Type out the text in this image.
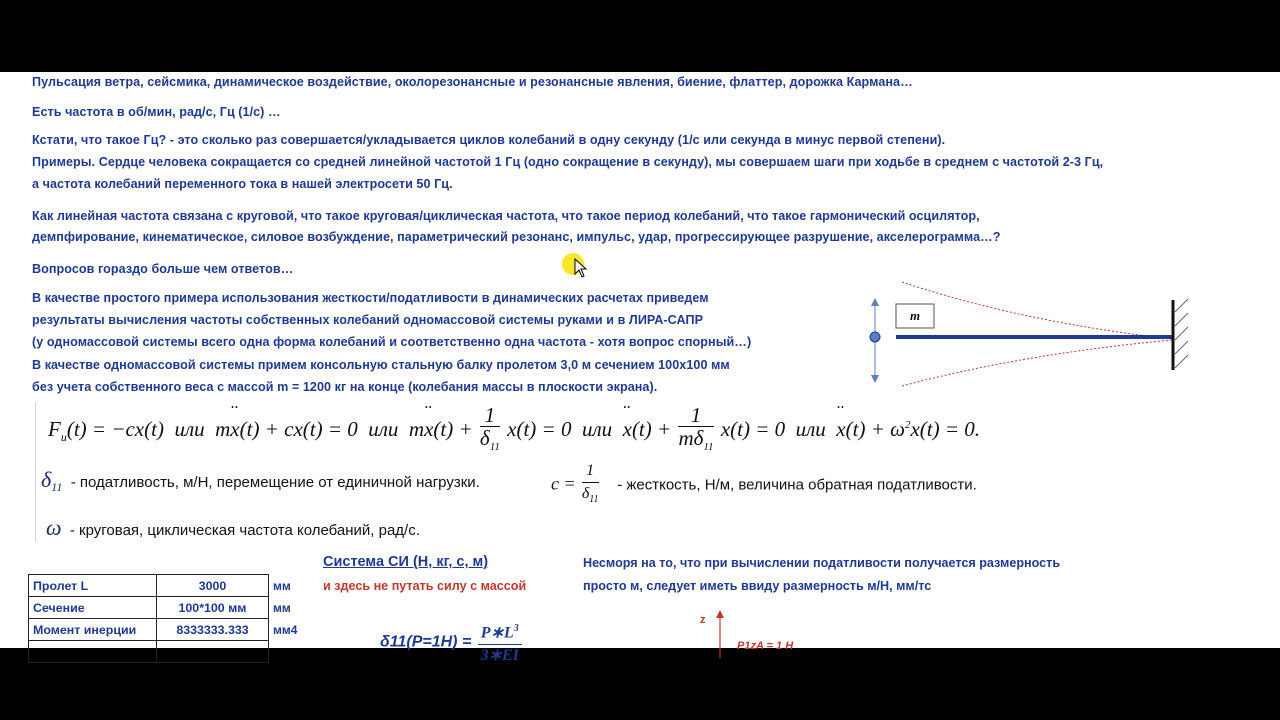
Пульсация ветра, сейсмика, динамическое воздействие, околорезонансные и резонансные явления, биение, флаттер, дорожка Кармана…
Есть частота в об/мин, рад/с, Гц (1/с) …
Кстати, что такое Гц? - это сколько раз совершается/укладывается циклов колебаний в одну секунду (1/с или секунда в минус первой степени).
Примеры. Сердце человека сокращается со средней линейной частотой 1 Гц (одно сокращение в секунду), мы совершаем шаги при ходьбе в среднем с частотой 2-3 Гц,
а частота колебаний переменного тока в нашей электросети 50 Гц.
Как линейная частота связана с круговой, что такое круговая/циклическая частота, что такое период колебаний, что такое гармонический осцилятор,
демпфирование, кинематическое, силовое возбуждение, параметрический резонанс, импульс, удар, прогрессирующее разрушение, акселерограмма…?
Вопросов гораздо больше чем ответов…
В качестве простого примера использования жесткости/податливости в динамических расчетах приведем
результаты вычисления частоты собственных колебаний одномассовой системы руками и в ЛИРА-САПР
(у одномассовой системы всего одна форма колебаний и соответственно одна частота - хотя вопрос спорный…)
В качестве одномассовой системы примем консольную стальную балку пролетом 3,0 м сечением 100х100 мм
без учета собственного веса с массой m = 1200 кг на конце (колебания массы в плоскости экрана).
m
$F_u(t) = -cx(t)$ или m•• x(t) + cx(t) = 0 или m•• $x(t) + \frac{1}{\delta_{11}} x(t) = 0$ или •• $x(t) + \frac{1}{m\delta_{11}} x(t) = 0$ или •• $x(t) + \omega^2x(t) = 0$.
$\delta_{11}$ - податливость, м/Н, перемещение от единичной нагрузки.	$c = \frac{1}{\delta_{11}}$ - жесткость, Н/м, величина обратная податливости.
ω - круговая, циклическая частота колебаний, рад/с.
Пролет L	3000	мм
Сечение	100*100 мм	мм
Момент инерции	8333333.333	мм4

Система СИ (Н, кг, с, м)
и здесь не путать силу с массой
Несморя на то, что при вычислении податливости получается размерность
просто м, следует иметь ввиду размерность м/Н, мм/тс
$\delta 11(P=1H) = \frac{P∗L^3}{3∗EI}$	z
P1zA = 1 H
